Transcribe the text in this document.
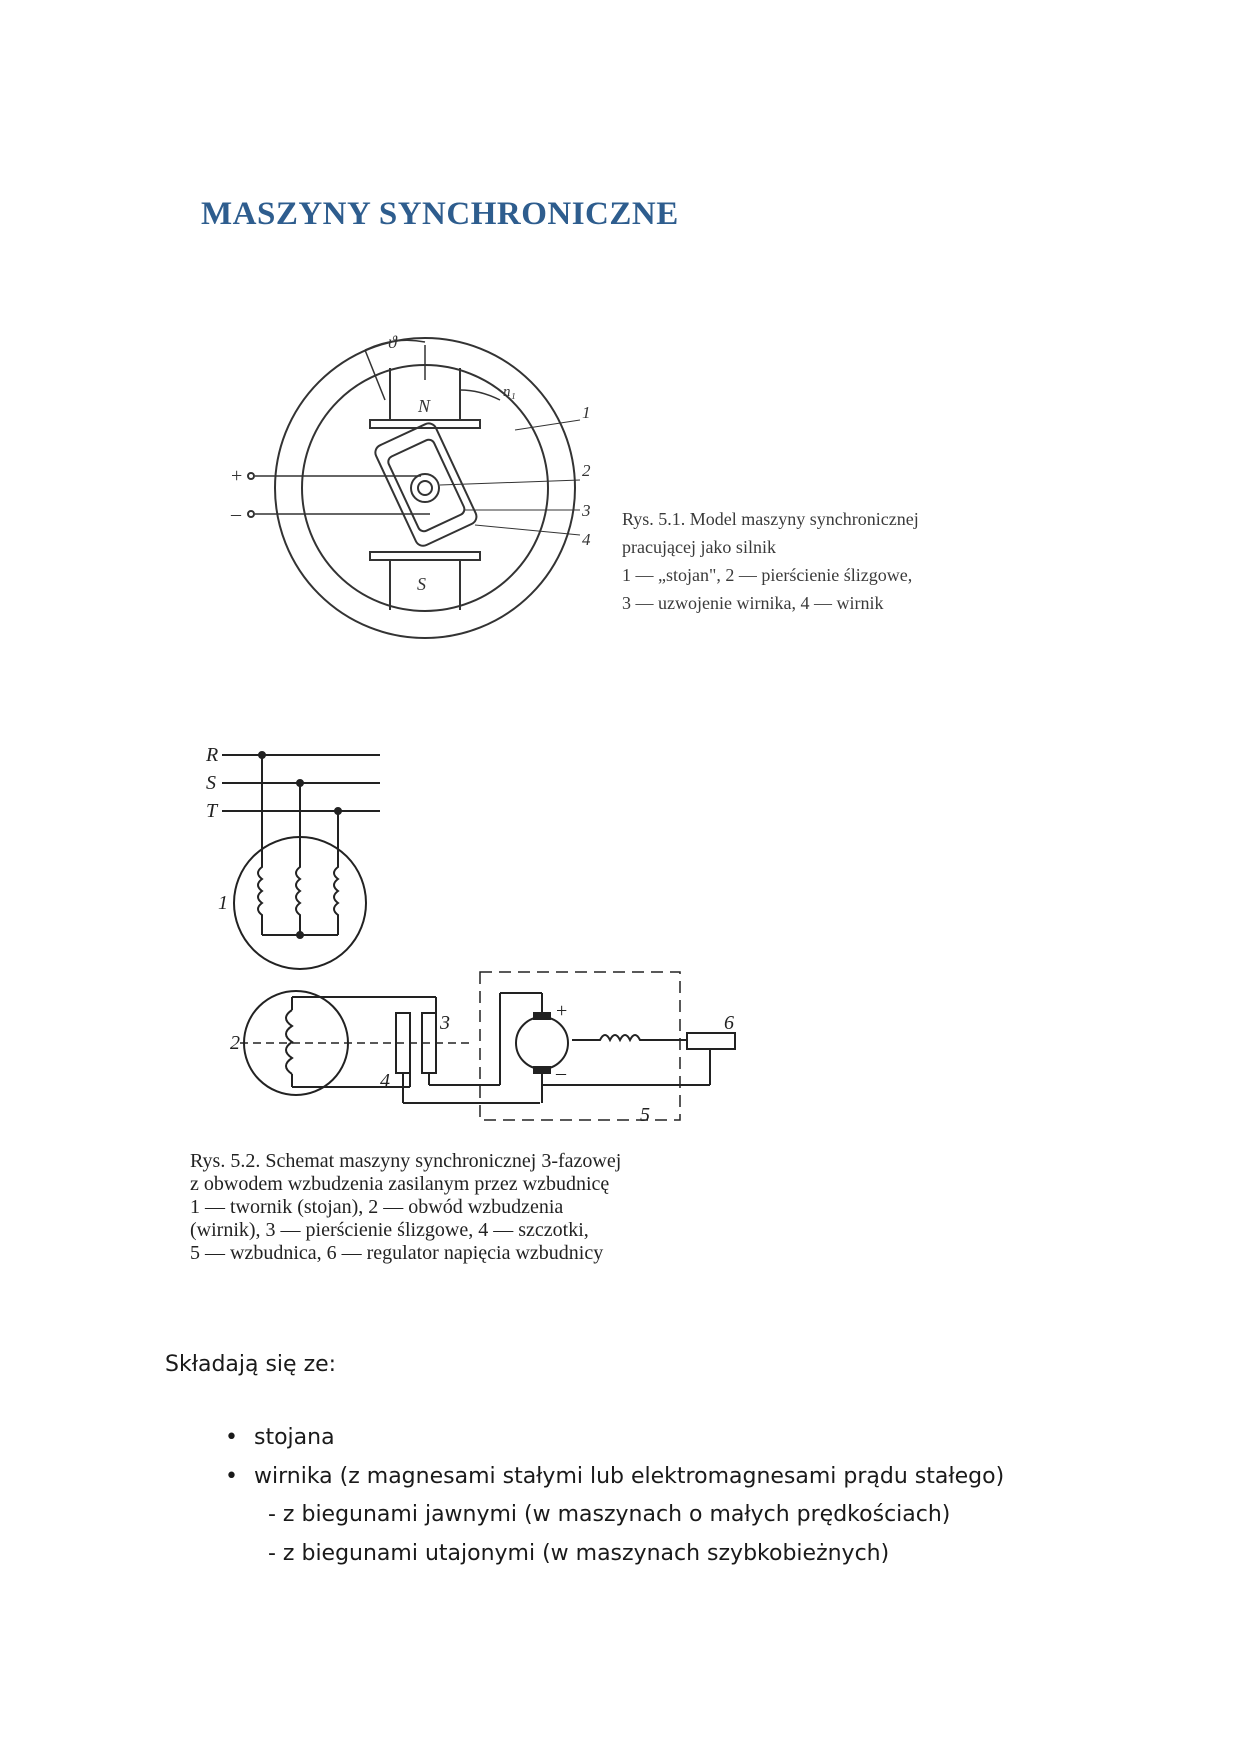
MASZYNY SYNCHRONICZNE
ϑ
n₁
N
S
+
–
1
2
3
4
Rys. 5.1. Model maszyny synchronicznej
pracującej jako silnik
1 — „stojan", 2 — pierścienie ślizgowe,
3 — uzwojenie wirnika, 4 — wirnik
R
S
T
1
2
3
4
5
6
+
–
Rys. 5.2. Schemat maszyny synchronicznej 3-fazowej
z obwodem wzbudzenia zasilanym przez wzbudnicę
1 — twornik (stojan), 2 — obwód wzbudzenia
(wirnik), 3 — pierścienie ślizgowe, 4 — szczotki,
5 — wzbudnica, 6 — regulator napięcia wzbudnicy

Składają się ze:

• stojana
• wirnika (z magnesami stałymi lub elektromagnesami prądu stałego)
- z biegunami jawnymi (w maszynach o małych prędkościach)
- z biegunami utajonymi (w maszynach szybkobieżnych)
